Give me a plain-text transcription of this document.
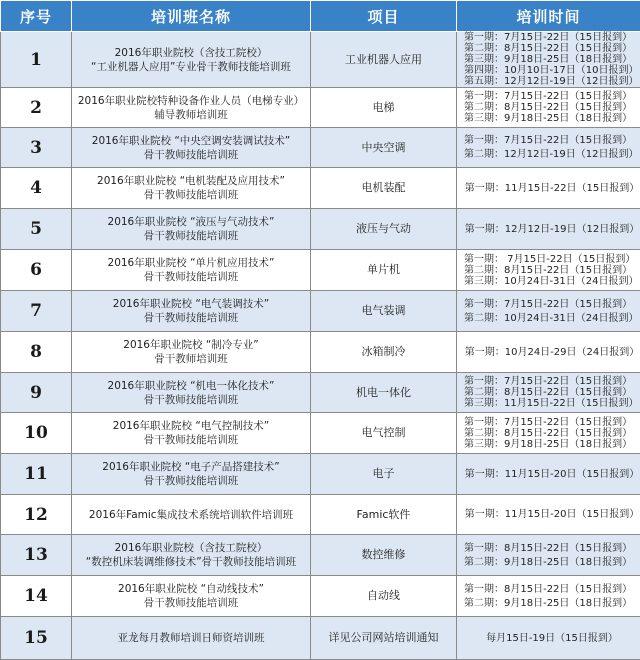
序号	培训班名称	项目	培训时间
1	2016年职业院校（含技工院校）
“工业机器人应用”专业骨干教师技能培训班	工业机器人应用	第一期：7月15日-22日（15日报到）
第二期：8月15日-22日（15日报到）
第三期：9月18日-25日（18日报到）
第四期：10月10日-17日（10日报到）
第五期：12月12日-19日（12日报到）

2	2016年职业院校特种设备作业人员（电梯专业）
辅导教师培训班	电梯	第一期：7月15日-22日（15日报到）
第二期：8月15日-22日（15日报到）
第三期：9月18日-25日（18日报到）

3	2016年职业院校 “中央空调安装调试技术”
骨干教师技能培训班	中央空调	第一期：7月15日-22日（15日报到）
第二期：12月12日-19日（12日报到）

4	2016年职业院校 “电机装配及应用技术”
骨干教师技能培训班	电机装配	第一期：11月15日-22日（15日报到）

5	2016年职业院校 “液压与气动技术”
骨干教师技能培训班	液压与气动	第一期：12月12日-19日（12日报到）

6	2016年职业院校 “单片机应用技术”
骨干教师技能培训班	单片机	第一期： 7月15日-22日（15日报到）
第二期：8月15日-22日（15日报到）
第三期：10月24日-31日（24日报到）

7	2016年职业院校 “电气装调技术”
骨干教师技能培训班	电气装调	第一期：7月15日-22日（15日报到）
第二期：10月24日-31日（24日报到）

8	2016年职业院校 “制冷专业”
骨干教师培训班	冰箱制冷	第一期：10月24日-29日（24日报到）

9	2016年职业院校 “机电一体化技术”
骨干教师技能培训班	机电一体化	第一期：7月15日-22日（15日报到）
第二期：8月15日-22日（15日报到）
第三期：11月15日-22日（15日报到）

10	2016年职业院校 “电气控制技术”
骨干教师技能培训班	电气控制	第一期：7月15日-22日（15日报到）
第二期：8月15日-22日（15日报到）
第三期：9月18日-25日（18日报到）

11	2016年职业院校 “电子产品搭建技术”
骨干教师技能培训班	电子	第一期：11月15日-20日（15日报到）

12	2016年Famic集成技术系统培训软件培训班	Famic软件	第一期：11月15日-20日（15日报到）

13	2016年职业院校（含技工院校）
“数控机床装调维修技术”骨干教师技能培训班	数控维修	第一期：8月15日-22日（15日报到）
第二期：9月18日-25日（18日报到）

14	2016年职业院校 “自动线技术”
骨干教师技能培训班	自动线	第一期：8月15日-22日（15日报到）
第二期：9月18日-25日（18日报到）

15	亚龙每月教师培训日师资培训班	详见公司网站培训通知	每月15日-19日（15日报到）
